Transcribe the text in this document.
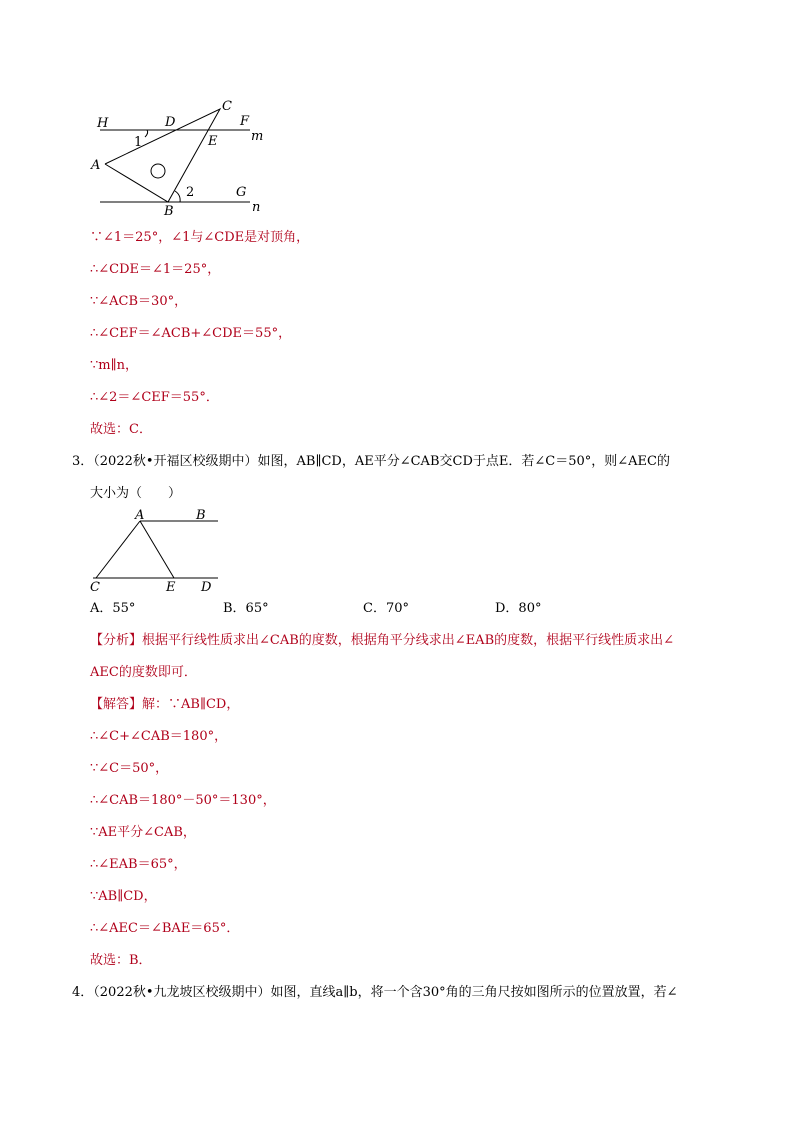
H	D
C
F
m
1	E
A
2	G
B	n
∵∠1＝25°，∠1与∠CDE是对顶角，
∴∠CDE＝∠1＝25°，
∵∠ACB＝30°，
∴∠CEF＝∠ACB+∠CDE＝55°，
∵m∥n，
∴∠2＝∠CEF＝55°．
故选：C．
3．（2022秋•开福区校级期中）如图，AB∥CD，AE平分∠CAB交CD于点E．若∠C＝50°，则∠AEC的
大小为（　　）
A	B
C	E D
A．55°	B．65°	C．70°	D．80°
【分析】根据平行线性质求出∠CAB的度数，根据角平分线求出∠EAB的度数，根据平行线性质求出∠
AEC的度数即可．
【解答】解：∵AB∥CD，
∴∠C+∠CAB＝180°，
∵∠C＝50°，
∴∠CAB＝180°－50°＝130°，
∵AE平分∠CAB，
∴∠EAB＝65°，
∵AB∥CD，
∴∠AEC＝∠BAE＝65°．
故选：B．
4．（2022秋•九龙坡区校级期中）如图，直线a∥b，将一个含30°角的三角尺按如图所示的位置放置，若∠
